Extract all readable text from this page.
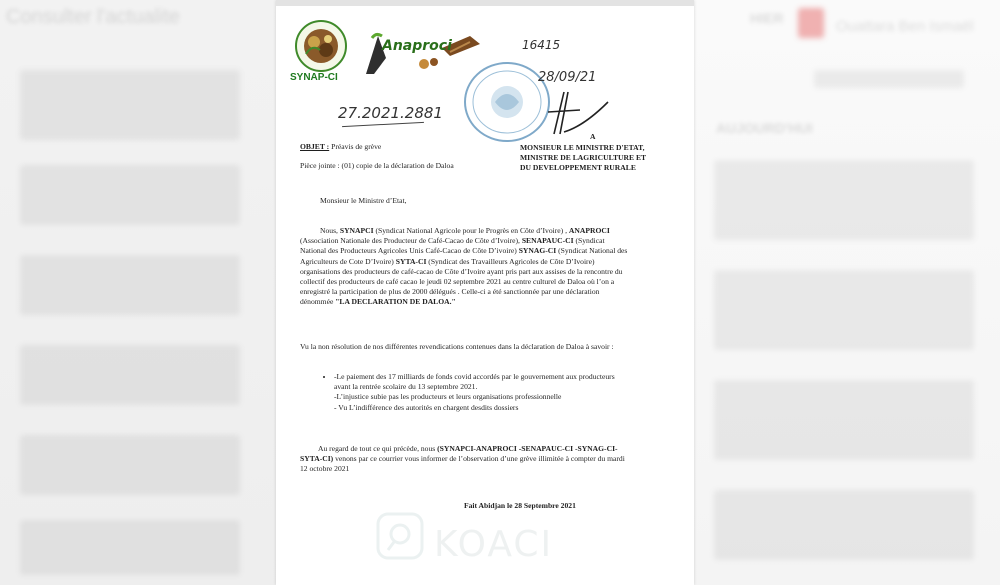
Consulter l'actualite	HIER	Ouattara Ben Ismaël
AUJOURD'HUI
SYNAP-CI
Anaproci	16415
28/09/21
27.2021.2881
A
MONSIEUR LE MINISTRE D'ETAT,
MINISTRE DE LAGRICULTURE ET
DU DEVELOPPEMENT RURALE
OBJET : Préavis de grève
Pièce jointe : (01) copie de la déclaration de Daloa
Monsieur le Ministre d’Etat,
Nous, SYNAPCI (Syndicat National Agricole pour le Progrès en Côte d’Ivoire) , ANAPROCI (Association Nationale des Producteur de Café-Cacao de Côte d’Ivoire), SENAPAUC-CI (Syndicat National des Producteurs Agricoles Unis Café-Cacao de Côte D’ivoire) SYNAG-CI (Syndicat National des Agriculteurs de Cote D’Ivoire) SYTA-CI (Syndicat des Travailleurs Agricoles de Côte D’Ivoire) organisations des producteurs de café-cacao de Côte d’Ivoire ayant pris part aux assises de la rencontre du collectif des producteurs de café cacao le jeudi 02 septembre 2021 au centre culturel de Daloa où l’on a enregistré la participation de plus de 2000 délégués . Celle-ci a été sanctionnée par une déclaration dénommée "LA DECLARATION DE DALOA."
Vu la non résolution de nos différentes revendications contenues dans la déclaration de Daloa à savoir :
• -Le paiement des 17 milliards de fonds covid accordés par le gouvernement aux producteurs avant la rentrée scolaire du 13 septembre 2021.
-L’injustice subie pas les producteurs et leurs organisations professionnelle
- Vu L’indifférence des autorités en chargent desdits dossiers
Au regard de tout ce qui précède, nous (SYNAPCI-ANAPROCI -SENAPAUC-CI -SYNAG-CI- SYTA-CI) venons par ce courrier vous informer de l’observation d’une grève illimitée à compter du mardi 12 octobre 2021
Fait Abidjan le 28 Septembre 2021
KOACI
